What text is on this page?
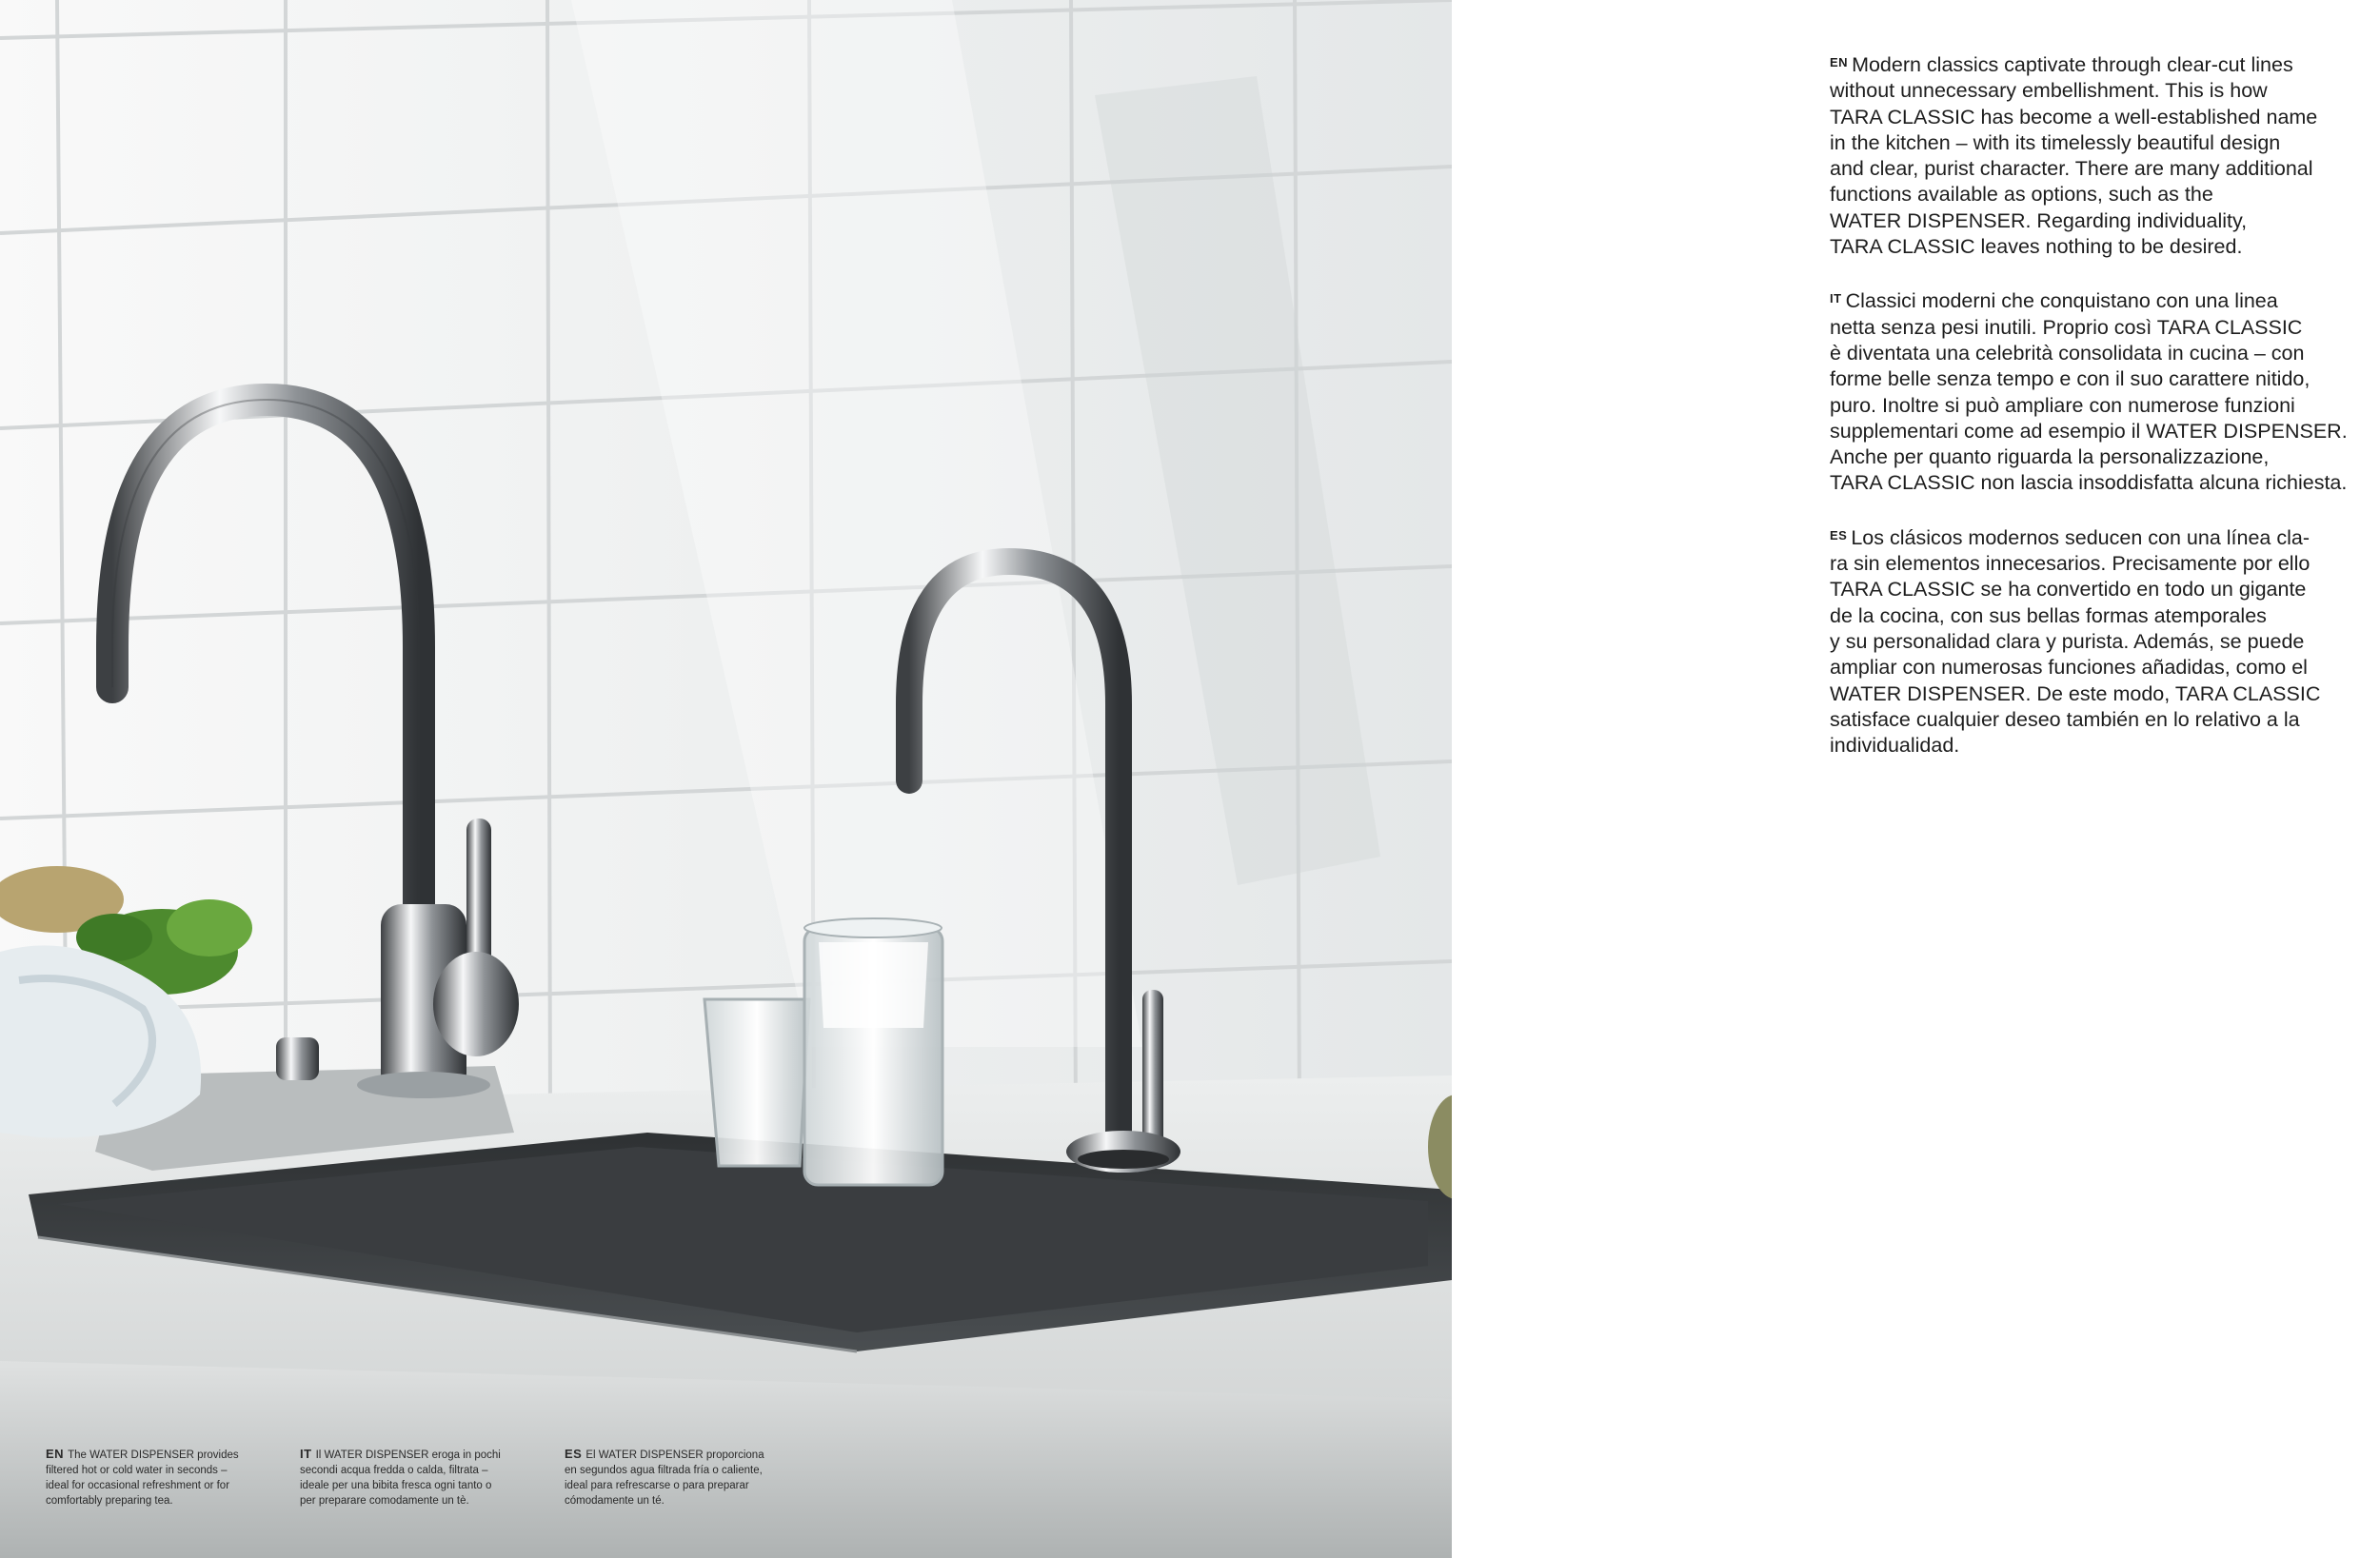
EN The WATER DISPENSER provides
filtered hot or cold water in seconds –
ideal for occasional refreshment or for
comfortably preparing tea.
IT Il WATER DISPENSER eroga in pochi
secondi acqua fredda o calda, filtrata –
ideale per una bibita fresca ogni tanto o
per preparare comodamente un tè.
ES El WATER DISPENSER proporciona
en segundos agua filtrada fría o caliente,
ideal para refrescarse o para preparar
cómodamente un té.

$^{EN}$ Modern classics captivate through clear-cut lines
without unnecessary embellishment. This is how
TARA CLASSIC has become a well-established name
in the kitchen – with its timelessly beautiful design
and clear, purist character. There are many additional
functions available as options, such as the
WATER DISPENSER. Regarding individuality,
TARA CLASSIC leaves nothing to be desired.

$^{IT}$ Classici moderni che conquistano con una linea
netta senza pesi inutili. Proprio così TARA CLASSIC
è diventata una celebrità consolidata in cucina – con
forme belle senza tempo e con il suo carattere nitido,
puro. Inoltre si può ampliare con numerose funzioni
supplementari come ad esempio il WATER DISPENSER.
Anche per quanto riguarda la personalizzazione,
TARA CLASSIC non lascia insoddisfatta alcuna richiesta.

$^{ES}$ Los clásicos modernos seducen con una línea cla-
ra sin elementos innecesarios. Precisamente por ello
TARA CLASSIC se ha convertido en todo un gigante
de la cocina, con sus bellas formas atemporales
y su personalidad clara y purista. Además, se puede
ampliar con numerosas funciones añadidas, como el
WATER DISPENSER. De este modo, TARA CLASSIC
satisface cualquier deseo también en lo relativo a la
individualidad.
